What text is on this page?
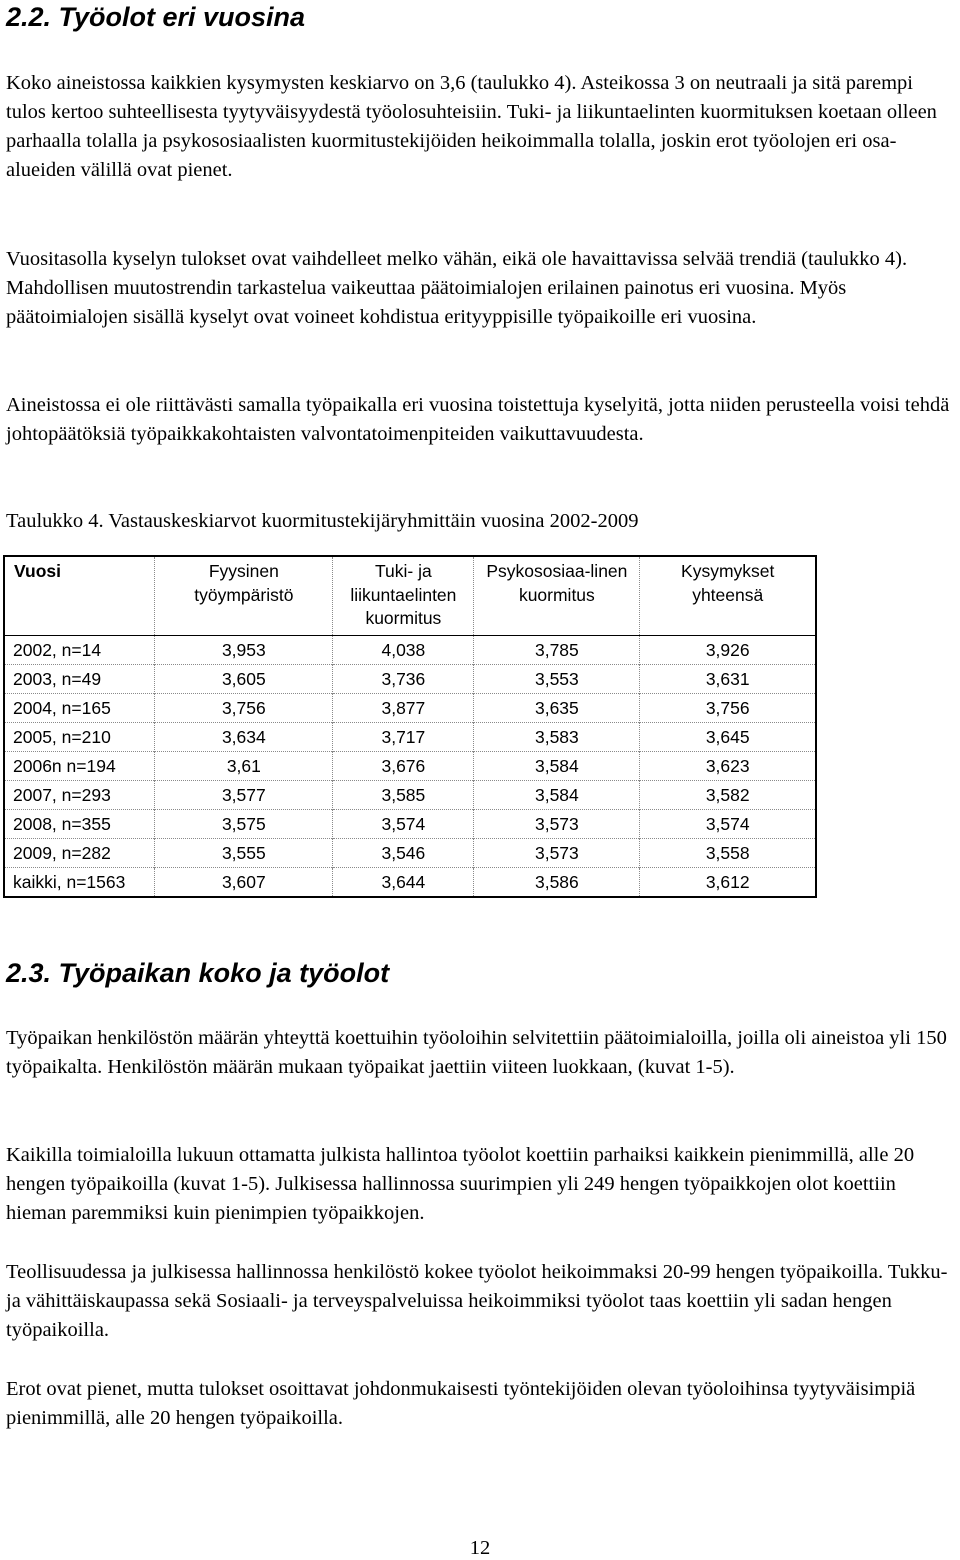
2.2. Työolot eri vuosina

Koko aineistossa kaikkien kysymysten keskiarvo on 3,6 (taulukko 4). Asteikossa 3 on neutraali ja sitä parempi tulos kertoo suhteellisesta tyytyväisyydestä työolosuhteisiin. Tuki- ja liikuntaelinten kuormituksen koetaan olleen parhaalla tolalla ja psykososiaalisten kuormitustekijöiden heikoimmalla tolalla, joskin erot työolojen eri osa-alueiden välillä ovat pienet.

Vuositasolla kyselyn tulokset ovat vaihdelleet melko vähän, eikä ole havaittavissa selvää trendiä (taulukko 4). Mahdollisen muutostrendin tarkastelua vaikeuttaa päätoimialojen erilainen painotus eri vuosina. Myös päätoimialojen sisällä kyselyt ovat voineet kohdistua erityyppisille työpaikoille eri vuosina.

Aineistossa ei ole riittävästi samalla työpaikalla eri vuosina toistettuja kyselyitä, jotta niiden perusteella voisi tehdä johtopäätöksiä työpaikkakohtaisten valvontatoimenpiteiden vaikuttavuudesta.

Taulukko 4. Vastauskeskiarvot kuormitustekijäryhmittäin vuosina 2002-2009

Vuosi	Fyysinen työympäristö	Tuki- ja liikuntaelinten kuormitus	Psykososiaa-linen kuormitus	Kysymykset yhteensä
2002, n=14	3,953	4,038	3,785	3,926
2003, n=49	3,605	3,736	3,553	3,631
2004, n=165	3,756	3,877	3,635	3,756
2005, n=210	3,634	3,717	3,583	3,645
2006n n=194	3,61	3,676	3,584	3,623
2007, n=293	3,577	3,585	3,584	3,582
2008, n=355	3,575	3,574	3,573	3,574
2009, n=282	3,555	3,546	3,573	3,558
kaikki, n=1563	3,607	3,644	3,586	3,612
2.3. Työpaikan koko ja työolot

Työpaikan henkilöstön määrän yhteyttä koettuihin työoloihin selvitettiin päätoimialoilla, joilla oli aineistoa yli 150 työpaikalta. Henkilöstön määrän mukaan työpaikat jaettiin viiteen luokkaan, (kuvat 1-5).

Kaikilla toimialoilla lukuun ottamatta julkista hallintoa työolot koettiin parhaiksi kaikkein pienimmillä, alle 20 hengen työpaikoilla (kuvat 1-5). Julkisessa hallinnossa suurimpien yli 249 hengen työpaikkojen olot koettiin hieman paremmiksi kuin pienimpien työpaikkojen.

Teollisuudessa ja julkisessa hallinnossa henkilöstö kokee työolot heikoimmaksi 20-99 hengen työpaikoilla. Tukku- ja vähittäiskaupassa sekä Sosiaali- ja terveyspalveluissa heikoimmiksi työolot taas koettiin yli sadan hengen työpaikoilla.

Erot ovat pienet, mutta tulokset osoittavat johdonmukaisesti työntekijöiden olevan työoloihinsa tyytyväisimpiä pienimmillä, alle 20 hengen työpaikoilla.

12
